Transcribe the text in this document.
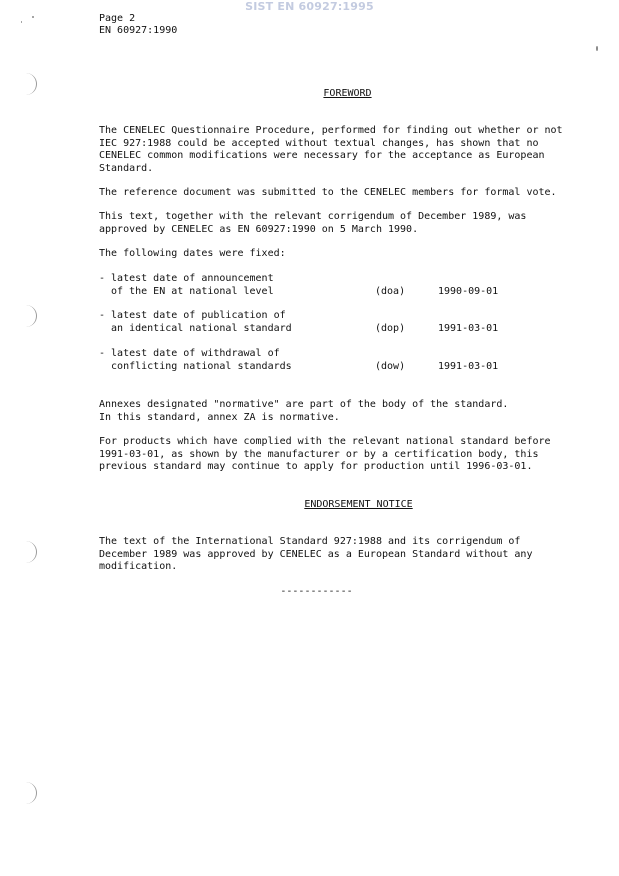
SIST EN 60927:1995
Page 2
EN 60927:1990
FOREWORD
The CENELEC Questionnaire Procedure, performed for finding out whether or not
IEC 927:1988 could be accepted without textual changes, has shown that no
CENELEC common modifications were necessary for the acceptance as European
Standard.
The reference document was submitted to the CENELEC members for formal vote.
This text, together with the relevant corrigendum of December 1989, was
approved by CENELEC as EN 60927:1990 on 5 March 1990.
The following dates were fixed:
- latest date of announcement
of the EN at national level	(doa)	1990-09-01
- latest date of publication of
an identical national standard	(dop)	1991-03-01
- latest date of withdrawal of
conflicting national standards	(dow)	1991-03-01
Annexes designated "normative" are part of the body of the standard.
In this standard, annex ZA is normative.
For products which have complied with the relevant national standard before
1991-03-01, as shown by the manufacturer or by a certification body, this
previous standard may continue to apply for production until 1996-03-01.
ENDORSEMENT NOTICE
The text of the International Standard 927:1988 and its corrigendum of
December 1989 was approved by CENELEC as a European Standard without any
modification.
------------
